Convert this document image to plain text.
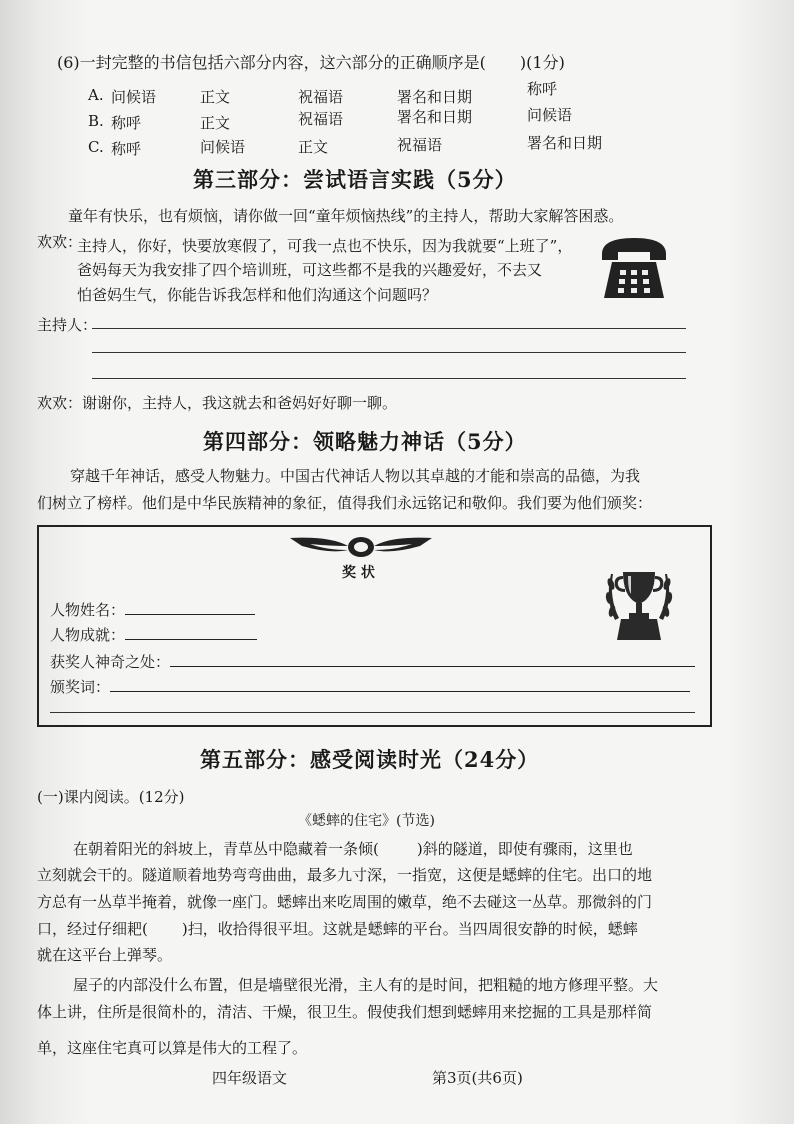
(6)一封完整的书信包括六部分内容，这六部分的正确顺序是( )(1分)
A. 问候语	正文	祝福语	署名和日期	称呼
B. 称呼	正文	祝福语	署名和日期	问候语
C. 称呼	问候语	正文	祝福语	署名和日期
第三部分：尝试语言实践（5分）
童年有快乐，也有烦恼，请你做一回“童年烦恼热线”的主持人，帮助大家解答困惑。
欢欢：
主持人，你好，快要放寒假了，可我一点也不快乐，因为我就要“上班了”，
爸妈每天为我安排了四个培训班，可这些都不是我的兴趣爱好，不去又
怕爸妈生气，你能告诉我怎样和他们沟通这个问题吗？
主持人：
欢欢：谢谢你，主持人，我这就去和爸妈好好聊一聊。
第四部分：领略魅力神话（5分）
穿越千年神话，感受人物魅力。中国古代神话人物以其卓越的才能和崇高的品德，为我
们树立了榜样。他们是中华民族精神的象征，值得我们永远铭记和敬仰。我们要为他们颁奖：
奖 状
人物姓名：
人物成就：
获奖人神奇之处：
颁奖词：
第五部分：感受阅读时光（24分）
(一)课内阅读。(12分)
《蟋蟀的住宅》(节选)
在朝着阳光的斜坡上，青草丛中隐藏着一条倾(	)斜的隧道，即使有骤雨，这里也
立刻就会干的。隧道顺着地势弯弯曲曲，最多九寸深，一指宽，这便是蟋蟀的住宅。出口的地
方总有一丛草半掩着，就像一座门。蟋蟀出来吃周围的嫩草，绝不去碰这一丛草。那微斜的门
口，经过仔细耙( )扫，收拾得很平坦。这就是蟋蟀的平台。当四周很安静的时候，蟋蟀
就在这平台上弹琴。
屋子的内部没什么布置，但是墙壁很光滑，主人有的是时间，把粗糙的地方修理平整。大
体上讲，住所是很简朴的，清洁、干燥，很卫生。假使我们想到蟋蟀用来挖掘的工具是那样简
单，这座住宅真可以算是伟大的工程了。
四年级语文	第3页(共6页)
